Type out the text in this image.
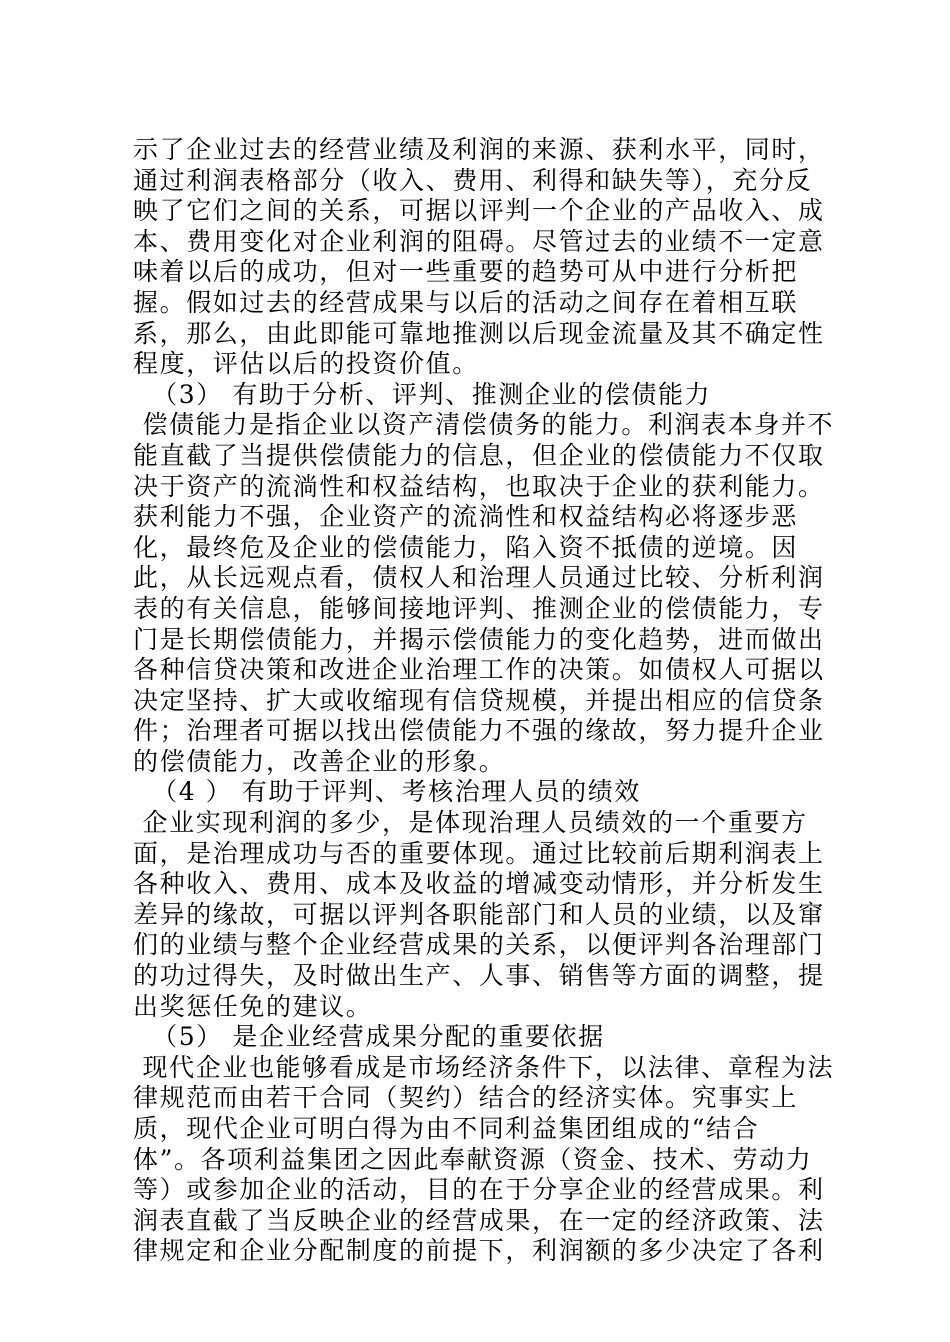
示了企业过去的经营业绩及利润的来源、获利水平，同时，
通过利润表格部分（收入、费用、利得和缺失等），充分反
映了它们之间的关系，可据以评判一个企业的产品收入、成
本、费用变化对企业利润的阻碍。尽管过去的业绩不一定意
味着以后的成功，但对一些重要的趋势可从中进行分析把
握。假如过去的经营成果与以后的活动之间存在着相互联
系，那么，由此即能可靠地推测以后现金流量及其不确定性
程度，评估以后的投资价值。
（3） 有助于分析、评判、推测企业的偿债能力
偿债能力是指企业以资产清偿债务的能力。利润表本身并不
能直截了当提供偿债能力的信息，但企业的偿债能力不仅取
决于资产的流淌性和权益结构，也取决于企业的获利能力。
获利能力不强，企业资产的流淌性和权益结构必将逐步恶
化，最终危及企业的偿债能力，陷入资不抵债的逆境。因
此，从长远观点看，债权人和治理人员通过比较、分析利润
表的有关信息，能够间接地评判、推测企业的偿债能力，专
门是长期偿债能力，并揭示偿债能力的变化趋势，进而做出
各种信贷决策和改进企业治理工作的决策。如债权人可据以
决定坚持、扩大或收缩现有信贷规模，并提出相应的信贷条
件；治理者可据以找出偿债能力不强的缘故，努力提升企业
的偿债能力，改善企业的形象。
（4 ） 有助于评判、考核治理人员的绩效
企业实现利润的多少，是体现治理人员绩效的一个重要方
面，是治理成功与否的重要体现。通过比较前后期利润表上
各种收入、费用、成本及收益的增减变动情形，并分析发生
差异的缘故，可据以评判各职能部门和人员的业绩，以及窜
们的业绩与整个企业经营成果的关系，以便评判各治理部门
的功过得失，及时做出生产、人事、销售等方面的调整，提
出奖惩任免的建议。
（5） 是企业经营成果分配的重要依据
现代企业也能够看成是市场经济条件下，以法律、章程为法
律规范而由若干合同（契约）结合的经济实体。究事实上
质，现代企业可明白得为由不同利益集团组成的“结合
体”。各项利益集团之因此奉献资源（资金、技术、劳动力
等）或参加企业的活动，目的在于分享企业的经营成果。利
润表直截了当反映企业的经营成果，在一定的经济政策、法
律规定和企业分配制度的前提下，利润额的多少决定了各利
